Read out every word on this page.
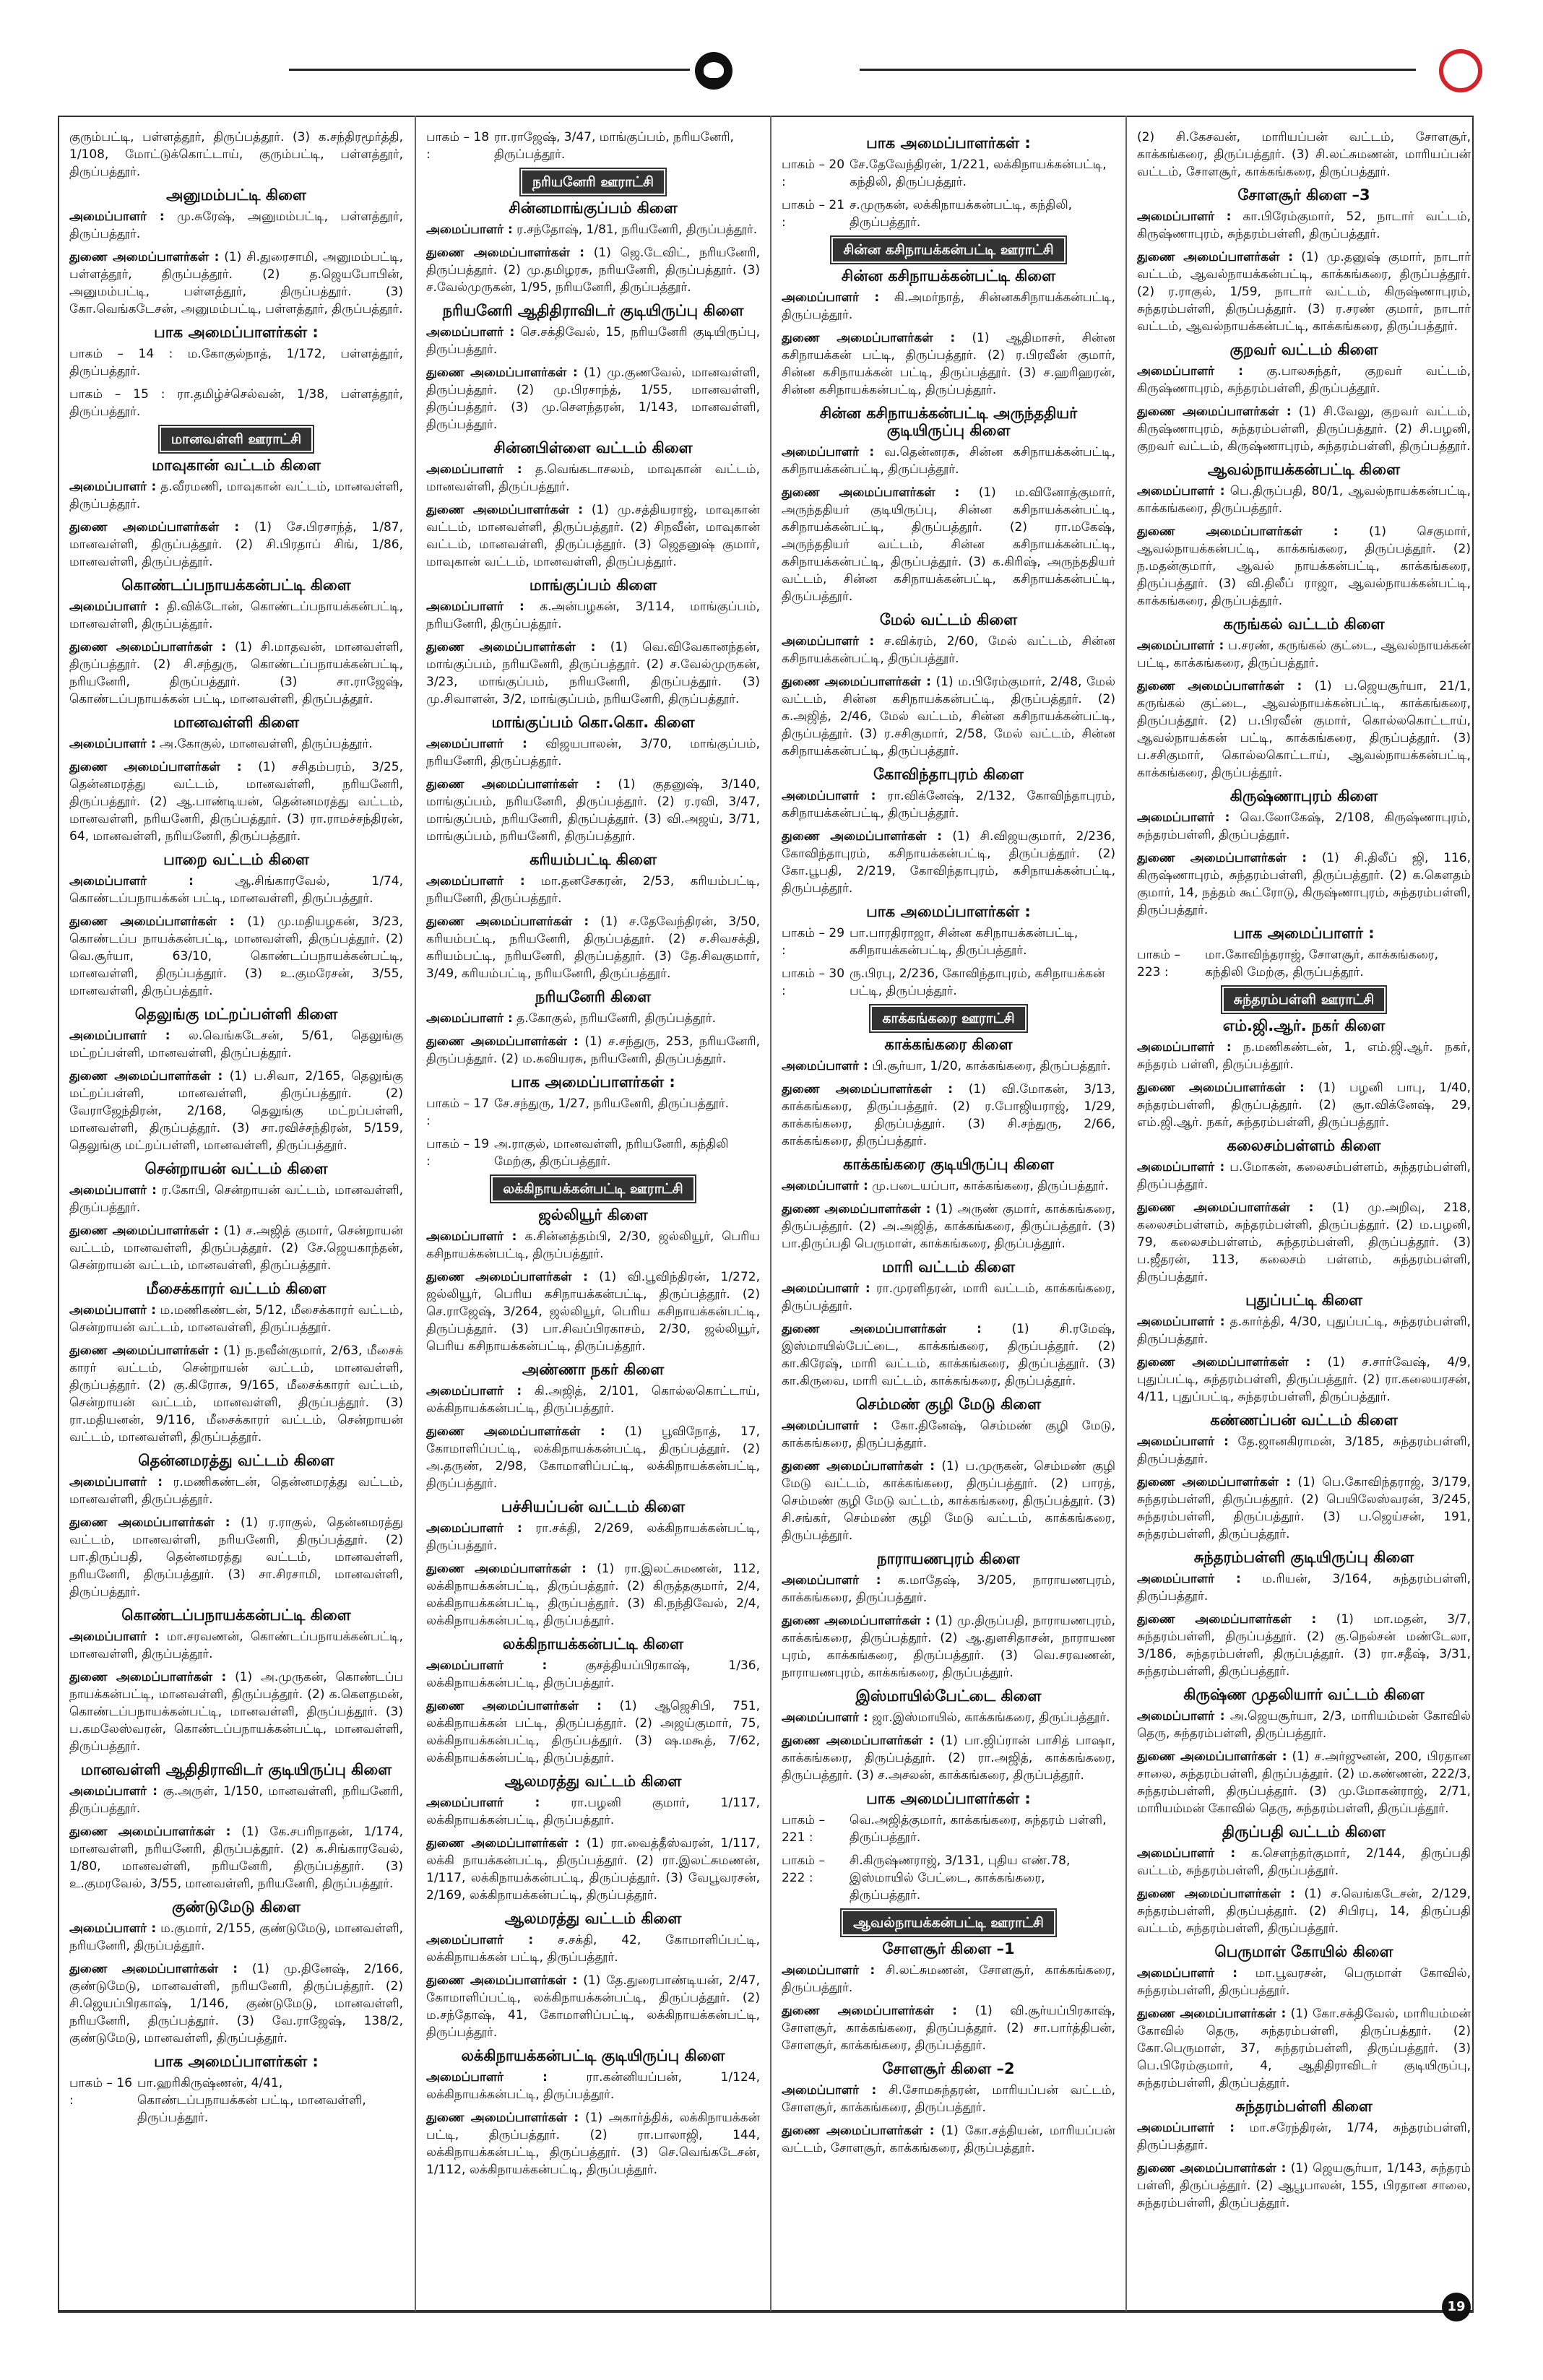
குரும்பட்டி, பள்ளத்தூர், திருப்பத்தூர். (3) க.சந்திரமூர்த்தி, 1/108, மோட்டுக்கொட்டாய், குரும்பட்டி, பள்ளத்தூர், திருப்பத்தூர்.

அனுமம்பட்டி கிளை

அமைப்பாளர் : மு.சுரேஷ், அனுமம்பட்டி, பள்ளத்தூர், திருப்பத்தூர்.

துணை அமைப்பாளர்கள் : (1) சி.துரைசாமி, அனுமம்பட்டி, பள்ளத்தூர், திருப்பத்தூர். (2) த.ஜெயபோபின், அனுமம்பட்டி, பள்ளத்தூர், திருப்பத்தூர். (3) கோ.வெங்கடேசன், அனுமம்பட்டி, பள்ளத்தூர், திருப்பத்தூர்.

பாக அமைப்பாளர்கள் :

பாகம் – 14 : ம.கோகுல்நாத், 1/172, பள்ளத்தூர், திருப்பத்தூர்.

பாகம் – 15 : ரா.தமிழ்ச்செல்வன், 1/38, பள்ளத்தூர், திருப்பத்தூர்.

மானவள்ளி ஊராட்சி
மாவுகான் வட்டம் கிளை

அமைப்பாளர் : த.வீரமணி, மாவுகான் வட்டம், மானவள்ளி, திருப்பத்தூர்.

துணை அமைப்பாளர்கள் : (1) சே.பிரசாந்த், 1/87, மானவள்ளி, திருப்பத்தூர். (2) சி.பிரதாப் சிங், 1/86, மானவள்ளி, திருப்பத்தூர்.

கொண்டப்பநாயக்கன்பட்டி கிளை

அமைப்பாளர் : தி.விக்டோன், கொண்டப்பநாயக்கன்பட்டி, மானவள்ளி, திருப்பத்தூர்.

துணை அமைப்பாளர்கள் : (1) சி.மாதவன், மானவள்ளி, திருப்பத்தூர். (2) சி.சந்துரு, கொண்டப்பநாயக்கன்பட்டி, நரியனேரி, திருப்பத்தூர். (3) சா.ராஜேஷ், கொண்டப்பநாயக்கன் பட்டி, மானவள்ளி, திருப்பத்தூர்.

மானவள்ளி கிளை

அமைப்பாளர் : அ.கோகுல், மானவள்ளி, திருப்பத்தூர்.

துணை அமைப்பாளர்கள் : (1) சசிதம்பரம், 3/25, தென்னமரத்து வட்டம், மானவள்ளி, நரியனேரி, திருப்பத்தூர். (2) ஆ.பாண்டியன், தென்னமரத்து வட்டம், மானவள்ளி, நரியனேரி, திருப்பத்தூர். (3) ரா.ராமச்சந்திரன், 64, மானவள்ளி, நரியனேரி, திருப்பத்தூர்.

பாறை வட்டம் கிளை

அமைப்பாளர் : ஆ.சிங்காரவேல், 1/74, கொண்டப்பநாயக்கன் பட்டி, மானவள்ளி, திருப்பத்தூர்.

துணை அமைப்பாளர்கள் : (1) மு.மதியழகன், 3/23, கொண்டப்ப நாயக்கன்பட்டி, மானவள்ளி, திருப்பத்தூர். (2) வெ.சூர்யா, 63/10, கொண்டப்பநாயக்கன்பட்டி, மானவள்ளி, திருப்பத்தூர். (3) உ.குமரேசன், 3/55, மானவள்ளி, திருப்பத்தூர்.

தெலுங்கு மட்றப்பள்ளி கிளை

அமைப்பாளர் : ல.வெங்கடேசன், 5/61, தெலுங்கு மட்றப்பள்ளி, மானவள்ளி, திருப்பத்தூர்.

துணை அமைப்பாளர்கள் : (1) ப.சிவா, 2/165, தெலுங்கு மட்றப்பள்ளி, மானவள்ளி, திருப்பத்தூர். (2) வேராஜேந்திரன், 2/168, தெலுங்கு மட்றப்பள்ளி, மானவள்ளி, திருப்பத்தூர். (3) சா.ரவிச்சந்திரன், 5/159, தெலுங்கு மட்றப்பள்ளி, மானவள்ளி, திருப்பத்தூர்.

சென்றாயன் வட்டம் கிளை

அமைப்பாளர் : ர.கோபி, சென்றாயன் வட்டம், மானவள்ளி, திருப்பத்தூர்.

துணை அமைப்பாளர்கள் : (1) ச.அஜித் குமார், சென்றாயன் வட்டம், மானவள்ளி, திருப்பத்தூர். (2) சே.ஜெயகாந்தன், சென்றாயன் வட்டம், மானவள்ளி, திருப்பத்தூர்.

மீசைக்காரர் வட்டம் கிளை

அமைப்பாளர் : ம.மணிகண்டன், 5/12, மீசைக்காரர் வட்டம், சென்றாயன் வட்டம், மானவள்ளி, திருப்பத்தூர்.

துணை அமைப்பாளர்கள் : (1) ந.நவீன்குமார், 2/63, மீசைக் காரர் வட்டம், சென்றாயன் வட்டம், மானவள்ளி, திருப்பத்தூர். (2) கு.கிரோசு, 9/165, மீசைக்காரர் வட்டம், சென்றாயன் வட்டம், மானவள்ளி, திருப்பத்தூர். (3) ரா.மதியனன், 9/116, மீசைக்காரர் வட்டம், சென்றாயன் வட்டம், மானவள்ளி, திருப்பத்தூர்.

தென்னமரத்து வட்டம் கிளை

அமைப்பாளர் : ர.மணிகண்டன், தென்னமரத்து வட்டம், மானவள்ளி, திருப்பத்தூர்.

துணை அமைப்பாளர்கள் : (1) ர.ராகுல், தென்னமரத்து வட்டம், மானவள்ளி, நரியனேரி, திருப்பத்தூர். (2) பா.திருப்பதி, தென்னமரத்து வட்டம், மானவள்ளி, நரியனேரி, திருப்பத்தூர். (3) சா.சிரசாமி, மானவள்ளி, திருப்பத்தூர்.

கொண்டப்பநாயக்கன்பட்டி கிளை

அமைப்பாளர் : மா.சரவணன், கொண்டப்பநாயக்கன்பட்டி, மானவள்ளி, திருப்பத்தூர்.

துணை அமைப்பாளர்கள் : (1) அ.முருகன், கொண்டப்ப நாயக்கன்பட்டி, மானவள்ளி, திருப்பத்தூர். (2) க.கௌதமன், கொண்டப்பநாயக்கன்பட்டி, மானவள்ளி, திருப்பத்தூர். (3) ப.கமலேஸ்வரன், கொண்டப்பநாயக்கன்பட்டி, மானவள்ளி, திருப்பத்தூர்.

மானவள்ளி ஆதிதிராவிடர் குடியிருப்பு கிளை

அமைப்பாளர் : கு.அருள், 1/150, மானவள்ளி, நரியனேரி, திருப்பத்தூர்.

துணை அமைப்பாளர்கள் : (1) கே.சபரிநாதன், 1/174, மானவள்ளி, நரியனேரி, திருப்பத்தூர். (2) க.சிங்காரவேல், 1/80, மானவள்ளி, நரியனேரி, திருப்பத்தூர். (3) உ.குமரவேல், 3/55, மானவள்ளி, நரியனேரி, திருப்பத்தூர்.

குண்டுமேடு கிளை

அமைப்பாளர் : ம.குமார், 2/155, குண்டுமேடு, மானவள்ளி, நரியனேரி, திருப்பத்தூர்.

துணை அமைப்பாளர்கள் : (1) மு.தினேஷ், 2/166, குண்டுமேடு, மானவள்ளி, நரியனேரி, திருப்பத்தூர். (2) சி.ஜெயப்பிரகாஷ், 1/146, குண்டுமேடு, மானவள்ளி, நரியனேரி, திருப்பத்தூர். (3) வே.ராஜேஷ், 138/2, குண்டுமேடு, மானவள்ளி, திருப்பத்தூர்.

பாக அமைப்பாளர்கள் :
பாகம் – 16 :
பா.ஹரிகிருஷ்ணன், 4/41, கொண்டப்பநாயக்கன் பட்டி, மானவள்ளி, திருப்பத்தூர்.
பாகம் – 18 :
ரா.ராஜேஷ், 3/47, மாங்குப்பம், நரியனேரி, திருப்பத்தூர்.
நரியனேரி ஊராட்சி
சின்னமாங்குப்பம் கிளை

அமைப்பாளர் : ர.சந்தோஷ், 1/81, நரியனேரி, திருப்பத்தூர்.

துணை அமைப்பாளர்கள் : (1) ஜெ.டேவிட், நரியனேரி, திருப்பத்தூர். (2) மு.தமிழரசு, நரியனேரி, திருப்பத்தூர். (3) ச.வேல்முருகன், 1/95, நரியனேரி, திருப்பத்தூர்.

நரியனேரி ஆதிதிராவிடர் குடியிருப்பு கிளை

அமைப்பாளர் : செ.சக்திவேல், 15, நரியனேரி குடியிருப்பு, திருப்பத்தூர்.

துணை அமைப்பாளர்கள் : (1) மு.குணவேல், மானவள்ளி, திருப்பத்தூர். (2) மு.பிரசாந்த், 1/55, மானவள்ளி, திருப்பத்தூர். (3) மு.சௌந்தரன், 1/143, மானவள்ளி, திருப்பத்தூர்.

சின்னபிள்ளை வட்டம் கிளை

அமைப்பாளர் : த.வெங்கடாசலம், மாவுகான் வட்டம், மானவள்ளி, திருப்பத்தூர்.

துணை அமைப்பாளர்கள் : (1) மு.சத்தியராஜ், மாவுகான் வட்டம், மானவள்ளி, திருப்பத்தூர். (2) சிநவீன், மாவுகான் வட்டம், மானவள்ளி, திருப்பத்தூர். (3) ஜெதனுஷ் குமார், மாவுகான் வட்டம், மானவள்ளி, திருப்பத்தூர்.

மாங்குப்பம் கிளை

அமைப்பாளர் : க.அன்பழகன், 3/114, மாங்குப்பம், நரியனேரி, திருப்பத்தூர்.

துணை அமைப்பாளர்கள் : (1) வெ.விவேகானந்தன், மாங்குப்பம், நரியனேரி, திருப்பத்தூர். (2) ச.வேல்முருகன், 3/23, மாங்குப்பம், நரியனேரி, திருப்பத்தூர். (3) மு.சிவாளன், 3/2, மாங்குப்பம், நரியனேரி, திருப்பத்தூர்.

மாங்குப்பம் கொ.கொ. கிளை

அமைப்பாளர் : விஜயபாலன், 3/70, மாங்குப்பம், நரியனேரி, திருப்பத்தூர்.

துணை அமைப்பாளர்கள் : (1) குதனுஷ், 3/140, மாங்குப்பம், நரியனேரி, திருப்பத்தூர். (2) ர.ரவி, 3/47, மாங்குப்பம், நரியனேரி, திருப்பத்தூர். (3) வி.அஜய், 3/71, மாங்குப்பம், நரியனேரி, திருப்பத்தூர்.

கரியம்பட்டி கிளை

அமைப்பாளர் : மா.தனசேகரன், 2/53, கரியம்பட்டி, நரியனேரி, திருப்பத்தூர்.

துணை அமைப்பாளர்கள் : (1) ச.தேவேந்திரன், 3/50, கரியம்பட்டி, நரியனேரி, திருப்பத்தூர். (2) ச.சிவசக்தி, கரியம்பட்டி, நரியனேரி, திருப்பத்தூர். (3) தே.சிவகுமார், 3/49, கரியம்பட்டி, நரியனேரி, திருப்பத்தூர்.

நரியனேரி கிளை

அமைப்பாளர் : த.கோகுல், நரியனேரி, திருப்பத்தூர்.

துணை அமைப்பாளர்கள் : (1) ச.சந்துரு, 253, நரியனேரி, திருப்பத்தூர். (2) ம.கவியரசு, நரியனேரி, திருப்பத்தூர்.

பாக அமைப்பாளர்கள் :
பாகம் – 17 :
சே.சந்துரு, 1/27, நரியனேரி, திருப்பத்தூர்.
பாகம் – 19 :
அ.ராகுல், மானவள்ளி, நரியனேரி, கந்திலி மேற்கு, திருப்பத்தூர்.
லக்கிநாயக்கன்பட்டி ஊராட்சி
ஜல்லியூர் கிளை

அமைப்பாளர் : க.சின்னத்தம்பி, 2/30, ஜல்லியூர், பெரிய கசிநாயக்கன்பட்டி, திருப்பத்தூர்.

துணை அமைப்பாளர்கள் : (1) வி.பூவிந்திரன், 1/272, ஜல்லியூர், பெரிய கசிநாயக்கன்பட்டி, திருப்பத்தூர். (2) செ.ராஜேஷ், 3/264, ஜல்லியூர், பெரிய கசிநாயக்கன்பட்டி, திருப்பத்தூர். (3) பா.சிவப்பிரகாசம், 2/30, ஜல்லியூர், பெரிய கசிநாயக்கன்பட்டி, திருப்பத்தூர்.

அண்ணா நகர் கிளை

அமைப்பாளர் : கி.அஜித், 2/101, கொல்லகொட்டாய், லக்கிநாயக்கன்பட்டி, திருப்பத்தூர்.

துணை அமைப்பாளர்கள் : (1) பூவிநோத், 17, கோமாளிப்பட்டி, லக்கிநாயக்கன்பட்டி, திருப்பத்தூர். (2) அ.தருண், 2/98, கோமாளிப்பட்டி, லக்கிநாயக்கன்பட்டி, திருப்பத்தூர்.

பச்சியப்பன் வட்டம் கிளை

அமைப்பாளர் : ரா.சக்தி, 2/269, லக்கிநாயக்கன்பட்டி, திருப்பத்தூர்.

துணை அமைப்பாளர்கள் : (1) ரா.இலட்சுமணன், 112, லக்கிநாயக்கன்பட்டி, திருப்பத்தூர். (2) கிருத்தகுமார், 2/4, லக்கிநாயக்கன்பட்டி, திருப்பத்தூர். (3) கி.நந்திவேல், 2/4, லக்கிநாயக்கன்பட்டி, திருப்பத்தூர்.

லக்கிநாயக்கன்பட்டி கிளை

அமைப்பாளர் : குசத்தியப்பிரகாஷ், 1/36, லக்கிநாயக்கன்பட்டி, திருப்பத்தூர்.

துணை அமைப்பாளர்கள் : (1) ஆஜெசிபி, 751, லக்கிநாயக்கன் பட்டி, திருப்பத்தூர். (2) அஜய்குமார், 75, லக்கிநாயக்கன்பட்டி, திருப்பத்தூர். (3) ஷ.மகூத், 7/62, லக்கிநாயக்கன்பட்டி, திருப்பத்தூர்.

ஆலமரத்து வட்டம் கிளை

அமைப்பாளர் : ரா.பழனி குமார், 1/117, லக்கிநாயக்கன்பட்டி, திருப்பத்தூர்.

துணை அமைப்பாளர்கள் : (1) ரா.வைத்தீஸ்வரன், 1/117, லக்கி நாயக்கன்பட்டி, திருப்பத்தூர். (2) ரா.இலட்சுமணன், 1/117, லக்கிநாயக்கன்பட்டி, திருப்பத்தூர். (3) வேபூவரசன், 2/169, லக்கிநாயக்கன்பட்டி, திருப்பத்தூர்.

ஆலமரத்து வட்டம் கிளை

அமைப்பாளர் : ச.சக்தி, 42, கோமாளிப்பட்டி, லக்கிநாயக்கன் பட்டி, திருப்பத்தூர்.

துணை அமைப்பாளர்கள் : (1) தே.துரைபாண்டியன், 2/47, கோமாளிப்பட்டி, லக்கிநாயக்கன்பட்டி, திருப்பத்தூர். (2) ம.சந்தோஷ், 41, கோமாளிப்பட்டி, லக்கிநாயக்கன்பட்டி, திருப்பத்தூர்.

லக்கிநாயக்கன்பட்டி குடியிருப்பு கிளை

அமைப்பாளர் : ரா.கன்னியப்பன், 1/124, லக்கிநாயக்கன்பட்டி, திருப்பத்தூர்.

துணை அமைப்பாளர்கள் : (1) அகார்த்திக், லக்கிநாயக்கன் பட்டி, திருப்பத்தூர். (2) ரா.பாலாஜி, 144, லக்கிநாயக்கன்பட்டி, திருப்பத்தூர். (3) செ.வெங்கடேசன், 1/112, லக்கிநாயக்கன்பட்டி, திருப்பத்தூர்.

பாக அமைப்பாளர்கள் :
பாகம் – 20 :
சே.தேவேந்திரன், 1/221, லக்கிநாயக்கன்பட்டி, கந்திலி, திருப்பத்தூர்.
பாகம் – 21 :
ச.முருகன், லக்கிநாயக்கன்பட்டி, கந்திலி, திருப்பத்தூர்.
சின்ன கசிநாயக்கன்பட்டி ஊராட்சி
சின்ன கசிநாயக்கன்பட்டி கிளை

அமைப்பாளர் : கி.அமர்நாத், சின்னகசிநாயக்கன்பட்டி, திருப்பத்தூர்.

துணை அமைப்பாளர்கள் : (1) ஆதிமாசர், சின்ன கசிநாயக்கன் பட்டி, திருப்பத்தூர். (2) ர.பிரவீன் குமார், சின்ன கசிநாயக்கன் பட்டி, திருப்பத்தூர். (3) ச.ஹரிஹரன், சின்ன கசிநாயக்கன்பட்டி, திருப்பத்தூர்.

சின்ன கசிநாயக்கன்பட்டி அருந்ததியர் குடியிருப்பு கிளை

அமைப்பாளர் : வ.தென்னரசு, சின்ன கசிநாயக்கன்பட்டி, கசிநாயக்கன்பட்டி, திருப்பத்தூர்.

துணை அமைப்பாளர்கள் : (1) ம.வினோத்குமார், அருந்ததியர் குடியிருப்பு, சின்ன கசிநாயக்கன்பட்டி, கசிநாயக்கன்பட்டி, திருப்பத்தூர். (2) ரா.மகேஷ், அருந்ததியர் வட்டம், சின்ன கசிநாயக்கன்பட்டி, கசிநாயக்கன்பட்டி, திருப்பத்தூர். (3) க.கிரிஷ், அருந்ததியர் வட்டம், சின்ன கசிநாயக்கன்பட்டி, கசிநாயக்கன்பட்டி, திருப்பத்தூர்.

மேல் வட்டம் கிளை

அமைப்பாளர் : ச.விக்ரம், 2/60, மேல் வட்டம், சின்ன கசிநாயக்கன்பட்டி, திருப்பத்தூர்.

துணை அமைப்பாளர்கள் : (1) ம.பிரேம்குமார், 2/48, மேல் வட்டம், சின்ன கசிநாயக்கன்பட்டி, திருப்பத்தூர். (2) க.அஜித், 2/46, மேல் வட்டம், சின்ன கசிநாயக்கன்பட்டி, திருப்பத்தூர். (3) ர.சசிகுமார், 2/58, மேல் வட்டம், சின்ன கசிநாயக்கன்பட்டி, திருப்பத்தூர்.

கோவிந்தாபுரம் கிளை

அமைப்பாளர் : ரா.விக்னேஷ், 2/132, கோவிந்தாபுரம், கசிநாயக்கன்பட்டி, திருப்பத்தூர்.

துணை அமைப்பாளர்கள் : (1) சி.விஜயகுமார், 2/236, கோவிந்தாபுரம், கசிநாயக்கன்பட்டி, திருப்பத்தூர். (2) கோ.பூபதி, 2/219, கோவிந்தாபுரம், கசிநாயக்கன்பட்டி, திருப்பத்தூர்.

பாக அமைப்பாளர்கள் :
பாகம் – 29 :
பா.பாரதிராஜா, சின்ன கசிநாயக்கன்பட்டி, கசிநாயக்கன்பட்டி, திருப்பத்தூர்.
பாகம் – 30 :
ரு.பிரபு, 2/236, கோவிந்தாபுரம், கசிநாயக்கன் பட்டி, திருப்பத்தூர்.
காக்கங்கரை ஊராட்சி
காக்கங்கரை கிளை

அமைப்பாளர் : பி.சூர்யா, 1/20, காக்கங்கரை, திருப்பத்தூர்.

துணை அமைப்பாளர்கள் : (1) வி.மோகன், 3/13, காக்கங்கரை, திருப்பத்தூர். (2) ர.போஜியராஜ், 1/29, காக்கங்கரை, திருப்பத்தூர். (3) சி.சந்துரு, 2/66, காக்கங்கரை, திருப்பத்தூர்.

காக்கங்கரை குடியிருப்பு கிளை

அமைப்பாளர் : மு.படையப்பா, காக்கங்கரை, திருப்பத்தூர்.

துணை அமைப்பாளர்கள் : (1) அருண் குமார், காக்கங்கரை, திருப்பத்தூர். (2) அ.அஜித், காக்கங்கரை, திருப்பத்தூர். (3) பா.திருப்பதி பெருமாள், காக்கங்கரை, திருப்பத்தூர்.

மாரி வட்டம் கிளை

அமைப்பாளர் : ரா.முரளிதரன், மாரி வட்டம், காக்கங்கரை, திருப்பத்தூர்.

துணை அமைப்பாளர்கள் : (1) சி.ரமேஷ், இஸ்மாயில்பேட்டை, காக்கங்கரை, திருப்பத்தூர். (2) கா.கிரேஷ், மாரி வட்டம், காக்கங்கரை, திருப்பத்தூர். (3) கா.கிருவை, மாரி வட்டம், காக்கங்கரை, திருப்பத்தூர்.

செம்மண் குழி மேடு கிளை

அமைப்பாளர் : கோ.தினேஷ், செம்மண் குழி மேடு, காக்கங்கரை, திருப்பத்தூர்.

துணை அமைப்பாளர்கள் : (1) ப.முருகன், செம்மண் குழி மேடு வட்டம், காக்கங்கரை, திருப்பத்தூர். (2) பாரத், செம்மண் குழி மேடு வட்டம், காக்கங்கரை, திருப்பத்தூர். (3) சி.சங்கர், செம்மண் குழி மேடு வட்டம், காக்கங்கரை, திருப்பத்தூர்.

நாராயணபுரம் கிளை

அமைப்பாளர் : க.மாதேஷ், 3/205, நாராயணபுரம், காக்கங்கரை, திருப்பத்தூர்.

துணை அமைப்பாளர்கள் : (1) மு.திருப்பதி, நாராயணபுரம், காக்கங்கரை, திருப்பத்தூர். (2) ஆ.துளசிதாசன், நாராயண புரம், காக்கங்கரை, திருப்பத்தூர். (3) வெ.சரவணன், நாராயணபுரம், காக்கங்கரை, திருப்பத்தூர்.

இஸ்மாயில்பேட்டை கிளை

அமைப்பாளர் : ஜா.இஸ்மாயில், காக்கங்கரை, திருப்பத்தூர்.

துணை அமைப்பாளர்கள் : (1) பா.ஜிப்ரான் பாசித் பாஷா, காக்கங்கரை, திருப்பத்தூர். (2) ரா.அஜித், காக்கங்கரை, திருப்பத்தூர். (3) ச.அசலன், காக்கங்கரை, திருப்பத்தூர்.

பாக அமைப்பாளர்கள் :
பாகம் – 221 :
வெ.அஜித்குமார், காக்கங்கரை, சுந்தரம் பள்ளி, திருப்பத்தூர்.
பாகம் – 222 :
சி.கிருஷ்ணராஜ், 3/131, புதிய எண்.78, இஸ்மாயில் பேட்டை, காக்கங்கரை, திருப்பத்தூர்.
ஆவல்நாயக்கன்பட்டி ஊராட்சி
சோளசூர் கிளை –1

அமைப்பாளர் : சி.லட்சுமணன், சோளசூர், காக்கங்கரை, திருப்பத்தூர்.

துணை அமைப்பாளர்கள் : (1) வி.சூர்யப்பிரகாஷ், சோளசூர், காக்கங்கரை, திருப்பத்தூர். (2) சா.பார்த்திபன், சோளசூர், காக்கங்கரை, திருப்பத்தூர்.

சோளசூர் கிளை –2

அமைப்பாளர் : சி.சோமசுந்தரன், மாரியப்பன் வட்டம், சோளசூர், காக்கங்கரை, திருப்பத்தூர்.

துணை அமைப்பாளர்கள் : (1) கோ.சத்தியன், மாரியப்பன் வட்டம், சோளசூர், காக்கங்கரை, திருப்பத்தூர்.

(2) சி.கேசவன், மாரியப்பன் வட்டம், சோளசூர், காக்கங்கரை, திருப்பத்தூர். (3) சி.லட்சுமணன், மாரியப்பன் வட்டம், சோளசூர், காக்கங்கரை, திருப்பத்தூர்.

சோளசூர் கிளை –3

அமைப்பாளர் : கா.பிரேம்குமார், 52, நாடார் வட்டம், கிருஷ்ணாபுரம், சுந்தரம்பள்ளி, திருப்பத்தூர்.

துணை அமைப்பாளர்கள் : (1) மு.தனுஷ் குமார், நாடார் வட்டம், ஆவல்நாயக்கன்பட்டி, காக்கங்கரை, திருப்பத்தூர். (2) ர.ராகுல், 1/59, நாடார் வட்டம், கிருஷ்ணாபுரம், சுந்தரம்பள்ளி, திருப்பத்தூர். (3) ர.சரண் குமார், நாடார் வட்டம், ஆவல்நாயக்கன்பட்டி, காக்கங்கரை, திருப்பத்தூர்.

குறவர் வட்டம் கிளை

அமைப்பாளர் : கு.பாலசுந்தர், குறவர் வட்டம், கிருஷ்ணாபுரம், சுந்தரம்பள்ளி, திருப்பத்தூர்.

துணை அமைப்பாளர்கள் : (1) சி.வேலு, குறவர் வட்டம், கிருஷ்ணாபுரம், சுந்தரம்பள்ளி, திருப்பத்தூர். (2) சி.பழனி, குறவர் வட்டம், கிருஷ்ணாபுரம், சுந்தரம்பள்ளி, திருப்பத்தூர்.

ஆவல்நாயக்கன்பட்டி கிளை

அமைப்பாளர் : பெ.திருப்பதி, 80/1, ஆவல்நாயக்கன்பட்டி, காக்கங்கரை, திருப்பத்தூர்.

துணை அமைப்பாளர்கள் : (1) செகுமார், ஆவல்நாயக்கன்பட்டி, காக்கங்கரை, திருப்பத்தூர். (2) ந.மதன்குமார், ஆவல் நாயக்கன்பட்டி, காக்கங்கரை, திருப்பத்தூர். (3) வி.திலீப் ராஜா, ஆவல்நாயக்கன்பட்டி, காக்கங்கரை, திருப்பத்தூர்.

கருங்கல் வட்டம் கிளை

அமைப்பாளர் : ப.சரண், கருங்கல் குட்டை, ஆவல்நாயக்கன் பட்டி, காக்கங்கரை, திருப்பத்தூர்.

துணை அமைப்பாளர்கள் : (1) ப.ஜெயசூர்யா, 21/1, கருங்கல் குட்டை, ஆவல்நாயக்கன்பட்டி, காக்கங்கரை, திருப்பத்தூர். (2) ப.பிரவீன் குமார், கொல்லகொட்டாய், ஆவல்நாயக்கன் பட்டி, காக்கங்கரை, திருப்பத்தூர். (3) ப.சசிகுமார், கொல்லகொட்டாய், ஆவல்நாயக்கன்பட்டி, காக்கங்கரை, திருப்பத்தூர்.

கிருஷ்ணாபுரம் கிளை

அமைப்பாளர் : வெ.லோகேஷ், 2/108, கிருஷ்ணாபுரம், சுந்தரம்பள்ளி, திருப்பத்தூர்.

துணை அமைப்பாளர்கள் : (1) சி.திலீப் ஜி, 116, கிருஷ்ணாபுரம், சுந்தரம்பள்ளி, திருப்பத்தூர். (2) க.கௌதம் குமார், 14, நத்தம் கூட்ரோடு, கிருஷ்ணாபுரம், சுந்தரம்பள்ளி, திருப்பத்தூர்.

பாக அமைப்பாளர் :
பாகம் – 223 :
மா.கோவிந்தராஜ், சோளசூர், காக்கங்கரை, கந்திலி மேற்கு, திருப்பத்தூர்.
சுந்தரம்பள்ளி ஊராட்சி
எம்.ஜி.ஆர். நகர் கிளை

அமைப்பாளர் : ந.மணிகண்டன், 1, எம்.ஜி.ஆர். நகர், சுந்தரம் பள்ளி, திருப்பத்தூர்.

துணை அமைப்பாளர்கள் : (1) பழனி பாபு, 1/40, சுந்தரம்பள்ளி, திருப்பத்தூர். (2) சூா.விக்னேஷ், 29, எம்.ஜி.ஆர். நகர், சுந்தரம்பள்ளி, திருப்பத்தூர்.

கலைசம்பள்ளம் கிளை

அமைப்பாளர் : ப.மோகன், கலைசம்பள்ளம், சுந்தரம்பள்ளி, திருப்பத்தூர்.

துணை அமைப்பாளர்கள் : (1) மு.அறிவு, 218, கலைசம்பள்ளம், சுந்தரம்பள்ளி, திருப்பத்தூர். (2) ம.பழனி, 79, கலைசம்பள்ளம், சுந்தரம்பள்ளி, திருப்பத்தூர். (3) ப.ஜீதரன், 113, கலைசம் பள்ளம், சுந்தரம்பள்ளி, திருப்பத்தூர்.

புதுப்பட்டி கிளை

அமைப்பாளர் : த.கார்த்தி, 4/30, புதுப்பட்டி, சுந்தரம்பள்ளி, திருப்பத்தூர்.

துணை அமைப்பாளர்கள் : (1) ச.சார்வேஷ், 4/9, புதுப்பட்டி, சுந்தரம்பள்ளி, திருப்பத்தூர். (2) ரா.கலையரசன், 4/11, புதுப்பட்டி, சுந்தரம்பள்ளி, திருப்பத்தூர்.

கண்ணப்பன் வட்டம் கிளை

அமைப்பாளர் : தே.ஜானகிராமன், 3/185, சுந்தரம்பள்ளி, திருப்பத்தூர்.

துணை அமைப்பாளர்கள் : (1) பெ.கோவிந்தராஜ், 3/179, சுந்தரம்பள்ளி, திருப்பத்தூர். (2) பெயிலேஸ்வரன், 3/245, சுந்தரம்பள்ளி, திருப்பத்தூர். (3) ப.ஜெய்சன், 191, சுந்தரம்பள்ளி, திருப்பத்தூர்.

சுந்தரம்பள்ளி குடியிருப்பு கிளை

அமைப்பாளர் : ம.ரியன், 3/164, சுந்தரம்பள்ளி, திருப்பத்தூர்.

துணை அமைப்பாளர்கள் : (1) மா.மதன், 3/7, சுந்தரம்பள்ளி, திருப்பத்தூர். (2) கு.நெல்சன் மண்டேலா, 3/186, சுந்தரம்பள்ளி, திருப்பத்தூர். (3) ரா.சதீஷ், 3/31, சுந்தரம்பள்ளி, திருப்பத்தூர்.

கிருஷ்ண முதலியார் வட்டம் கிளை

அமைப்பாளர் : அ.ஜெயசூர்யா, 2/3, மாரியம்மன் கோவில் தெரு, சுந்தரம்பள்ளி, திருப்பத்தூர்.

துணை அமைப்பாளர்கள் : (1) ச.அர்ஜுனன், 200, பிரதான சாலை, சுந்தரம்பள்ளி, திருப்பத்தூர். (2) ம.கண்ணன், 222/3, சுந்தரம்பள்ளி, திருப்பத்தூர். (3) மு.மோகன்ராஜ், 2/71, மாரியம்மன் கோவில் தெரு, சுந்தரம்பள்ளி, திருப்பத்தூர்.

திருப்பதி வட்டம் கிளை

அமைப்பாளர் : க.சௌந்தர்குமார், 2/144, திருப்பதி வட்டம், சுந்தரம்பள்ளி, திருப்பத்தூர்.

துணை அமைப்பாளர்கள் : (1) ச.வெங்கடேசன், 2/129, சுந்தரம்பள்ளி, திருப்பத்தூர். (2) சிபிரபு, 14, திருப்பதி வட்டம், சுந்தரம்பள்ளி, திருப்பத்தூர்.

பெருமாள் கோயில் கிளை

அமைப்பாளர் : மா.பூவரசன், பெருமாள் கோவில், சுந்தரம்பள்ளி, திருப்பத்தூர்.

துணை அமைப்பாளர்கள் : (1) கோ.சக்திவேல், மாரியம்மன் கோவில் தெரு, சுந்தரம்பள்ளி, திருப்பத்தூர். (2) கோ.பெருமாள், 37, சுந்தரம்பள்ளி, திருப்பத்தூர். (3) பெ.பிரேம்குமார், 4, ஆதிதிராவிடர் குடியிருப்பு, சுந்தரம்பள்ளி, திருப்பத்தூர்.

சுந்தரம்பள்ளி கிளை

அமைப்பாளர் : மா.சரேந்திரன், 1/74, சுந்தரம்பள்ளி, திருப்பத்தூர்.

துணை அமைப்பாளர்கள் : (1) ஜெயசூர்யா, 1/143, சுந்தரம் பள்ளி, திருப்பத்தூர். (2) ஆபூபாலன், 155, பிரதான சாலை, சுந்தரம்பள்ளி, திருப்பத்தூர்.

19
